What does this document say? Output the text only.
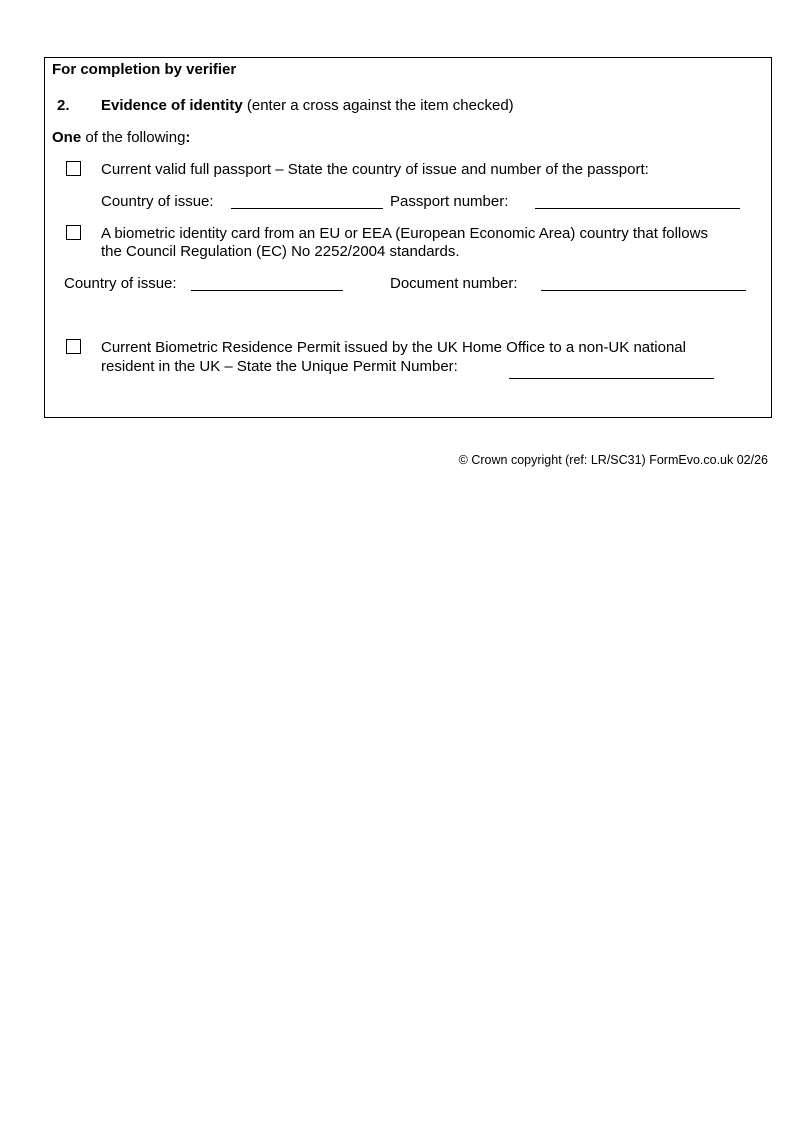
For completion by verifier
2. Evidence of identity (enter a cross against the item checked)
One of the following:
Current valid full passport – State the country of issue and number of the passport:
Country of issue:	Passport number:
A biometric identity card from an EU or EEA (European Economic Area) country that follows
the Council Regulation (EC) No 2252/2004 standards.
Country of issue:	Document number:
Current Biometric Residence Permit issued by the UK Home Office to a non-UK national
resident in the UK – State the Unique Permit Number:
© Crown copyright (ref: LR/SC31) FormEvo.co.uk 02/26
